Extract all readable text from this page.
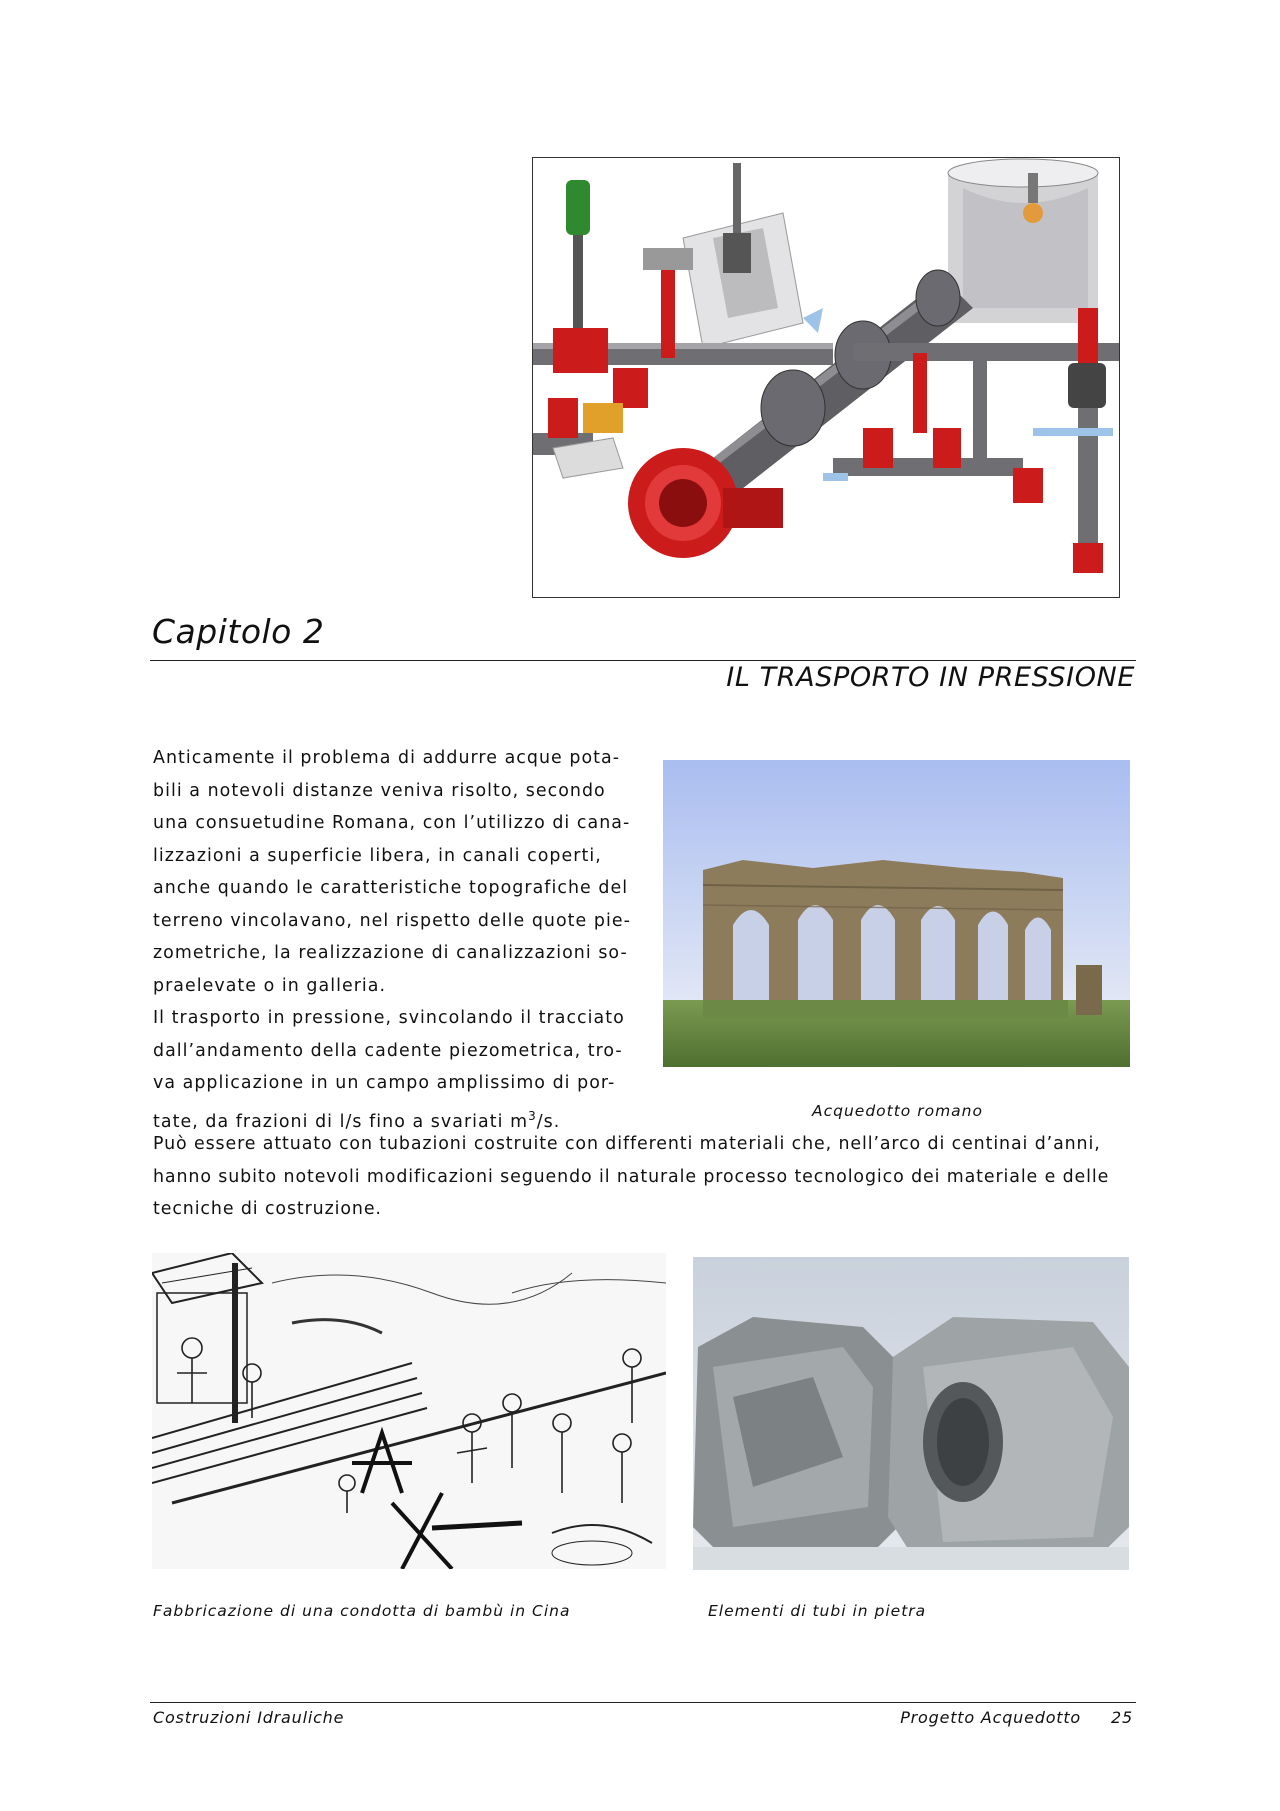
Capitolo 2
IL TRASPORTO IN PRESSIONE

Anticamente il problema di addurre acque pota-

bili a notevoli distanze veniva risolto, secondo

una consuetudine Romana, con l’utilizzo di cana-

lizzazioni a superficie libera, in canali coperti,

anche quando le caratteristiche topografiche del

terreno vincolavano, nel rispetto delle quote pie-

zometriche, la realizzazione di canalizzazioni so-

praelevate o in galleria.

Il trasporto in pressione, svincolando il tracciato

dall’andamento della cadente piezometrica, tro-

va applicazione in un campo amplissimo di por-

tate, da frazioni di l/s fino a svariati $m^3/s$.

Acquedotto romano

Può essere attuato con tubazioni costruite con differenti materiali che, nell’arco di centinai d’anni,

hanno subito notevoli modificazioni seguendo il naturale processo tecnologico dei materiale e delle

tecniche di costruzione.

Fabbricazione di una condotta di bambù in Cina	Elementi di tubi in pietra
Costruzioni Idrauliche	Progetto Acquedotto 25
